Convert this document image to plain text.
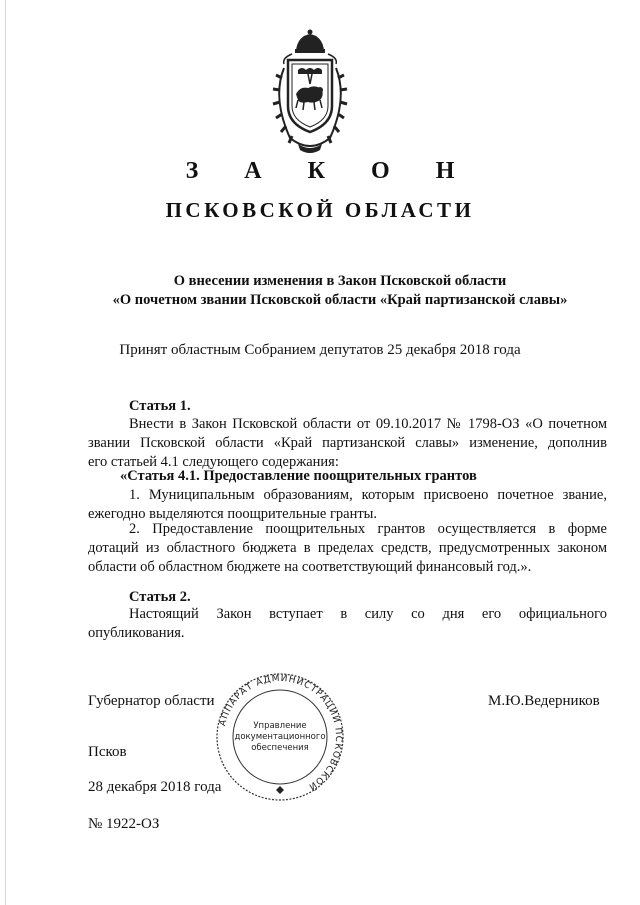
З А К О Н
ПСКОВСКОЙ ОБЛАСТИ
О внесении изменения в Закон Псковской области
«О почетном звании Псковской области «Край партизанской славы»
Принят областным Собранием депутатов 25 декабря 2018 года
Статья 1.
Внести в Закон Псковской области от 09.10.2017 № 1798-ОЗ «О почетном
звании Псковской области «Край партизанской славы» изменение, дополнив
его статьей 4.1 следующего содержания:
«Статья 4.1. Предоставление поощрительных грантов
1. Муниципальным образованиям, которым присвоено почетное звание,
ежегодно выделяются поощрительные гранты.
2. Предоставление поощрительных грантов осуществляется в форме
дотаций из областного бюджета в пределах средств, предусмотренных законом
области об областном бюджете на соответствующий финансовый год.».
Статья 2.
Настоящий Закон вступает в силу со дня его официального
опубликования.
Губернатор области	М.Ю.Ведерников
Псков
28 декабря 2018 года
№ 1922-ОЗ
АППАРАТ АДМИНИСТРАЦИИ ПСКОВСКОЙ
Управление
документационного
обеспечения
